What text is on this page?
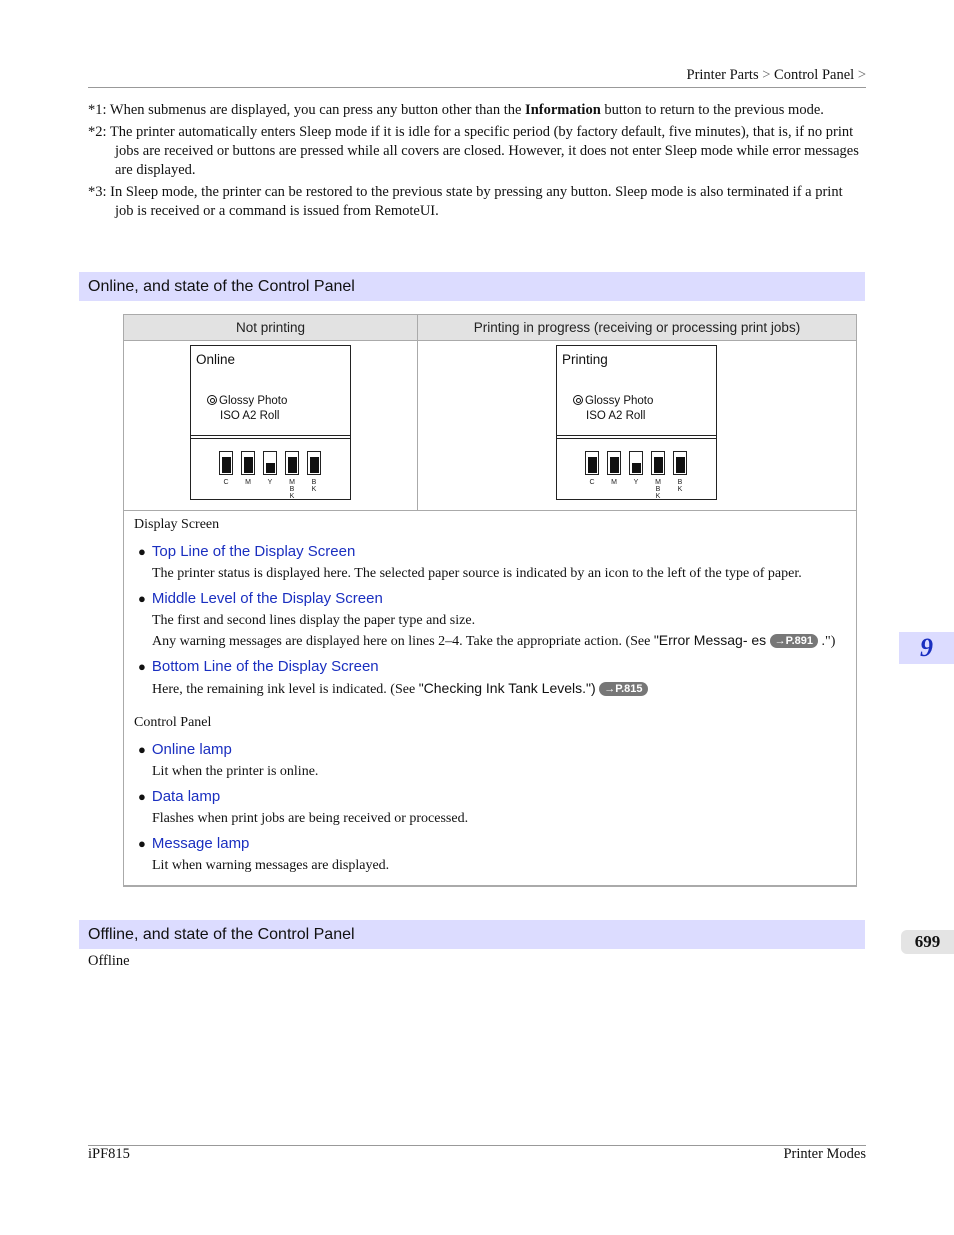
Printer Parts > Control Panel >
*1: When submenus are displayed, you can press any button other than the Information button to return to the previous mode.
*2: The printer automatically enters Sleep mode if it is idle for a specific period (by factory default, five minutes), that is, if no print jobs are received or buttons are pressed while all covers are closed. However, it does not enter Sleep mode while error messages are displayed.
*3: In Sleep mode, the printer can be restored to the previous state by pressing any button. Sleep mode is also terminated if a print job is received or a command is issued from RemoteUI.
Online, and state of the Control Panel
Not printing	Printing in progress (receiving or processing print jobs)
Online
Glossy Photo
ISO A2 Roll
C	M	Y	M
B
K
B
K
Printing
Glossy Photo
ISO A2 Roll
C	M	Y	M
B
K
B
K
Display Screen
● Top Line of the Display Screen
The printer status is displayed here. The selected paper source is indicated by an icon to the left of the type of paper.
● Middle Level of the Display Screen
The first and second lines display the paper type and size.
Any warning messages are displayed here on lines 2–4. Take the appropriate action. (See "Error Messag- es →P.891 .")
● Bottom Line of the Display Screen
Here, the remaining ink level is indicated. (See "Checking Ink Tank Levels.") →P.815
Control Panel
● Online lamp
Lit when the printer is online.
● Data lamp
Flashes when print jobs are being received or processed.
● Message lamp
Lit when warning messages are displayed.
Offline, and state of the Control Panel
Offline
9
699
iPF815	Printer Modes
